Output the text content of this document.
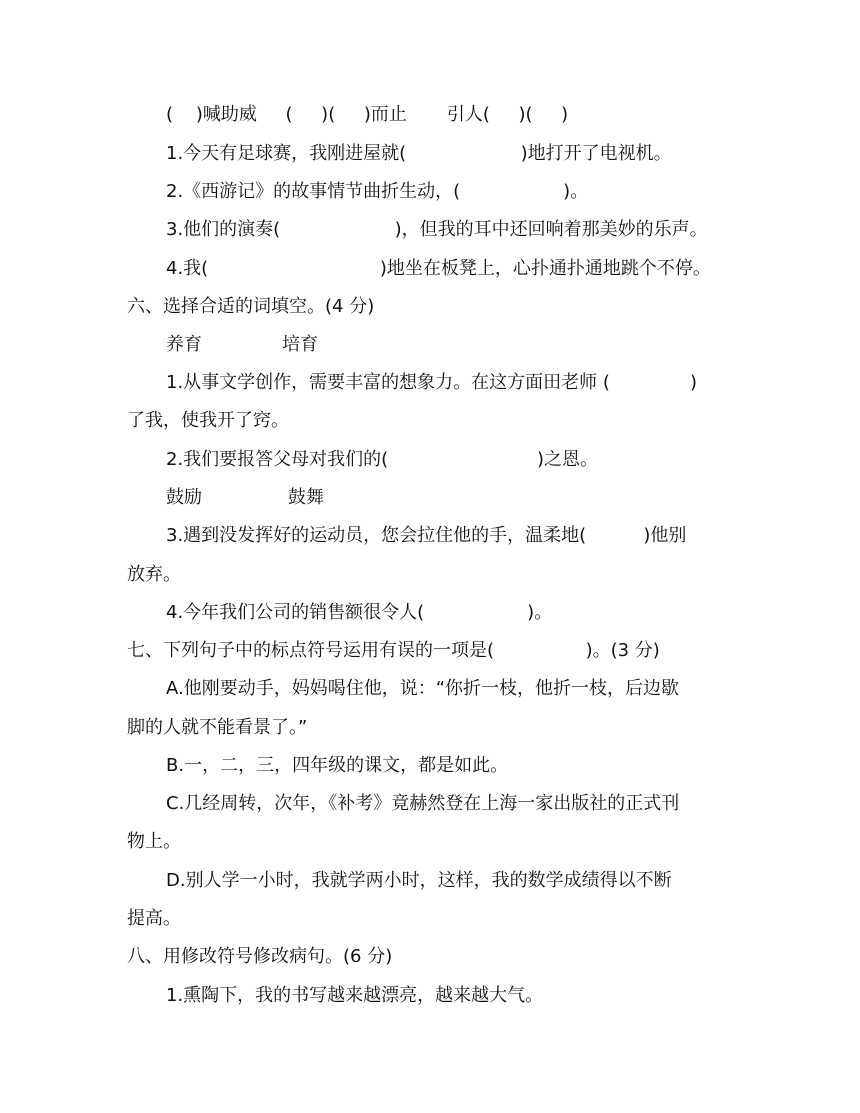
(    )喊助威     (     )(     )而止       引人(     )(     )
1.今天有足球赛，我刚进屋就(                    )地打开了电视机。
2.《西游记》的故事情节曲折生动，(                  )。
3.他们的演奏(                    )，但我的耳中还回响着那美妙的乐声。
4.我(                              )地坐在板凳上，心扑通扑通地跳个不停。
六、选择合适的词填空。(4 分)
养育              培育
1.从事文学创作，需要丰富的想象力。在这方面田老师 (              )
了我，使我开了窍。
2.我们要报答父母对我们的(                          )之恩。
鼓励               鼓舞
3.遇到没发挥好的运动员，您会拉住他的手，温柔地(          )他别
放弃。
4.今年我们公司的销售额很令人(                  )。
七、下列句子中的标点符号运用有误的一项是(                )。(3 分)
A.他刚要动手，妈妈喝住他，说：“你折一枝，他折一枝，后边歇
脚的人就不能看景了。”
B.一，二，三，四年级的课文，都是如此。
C.几经周转，次年，《补考》竟赫然登在上海一家出版社的正式刊
物上。
D.别人学一小时，我就学两小时，这样，我的数学成绩得以不断
提高。
八、用修改符号修改病句。(6 分)
1.熏陶下，我的书写越来越漂亮，越来越大气。
